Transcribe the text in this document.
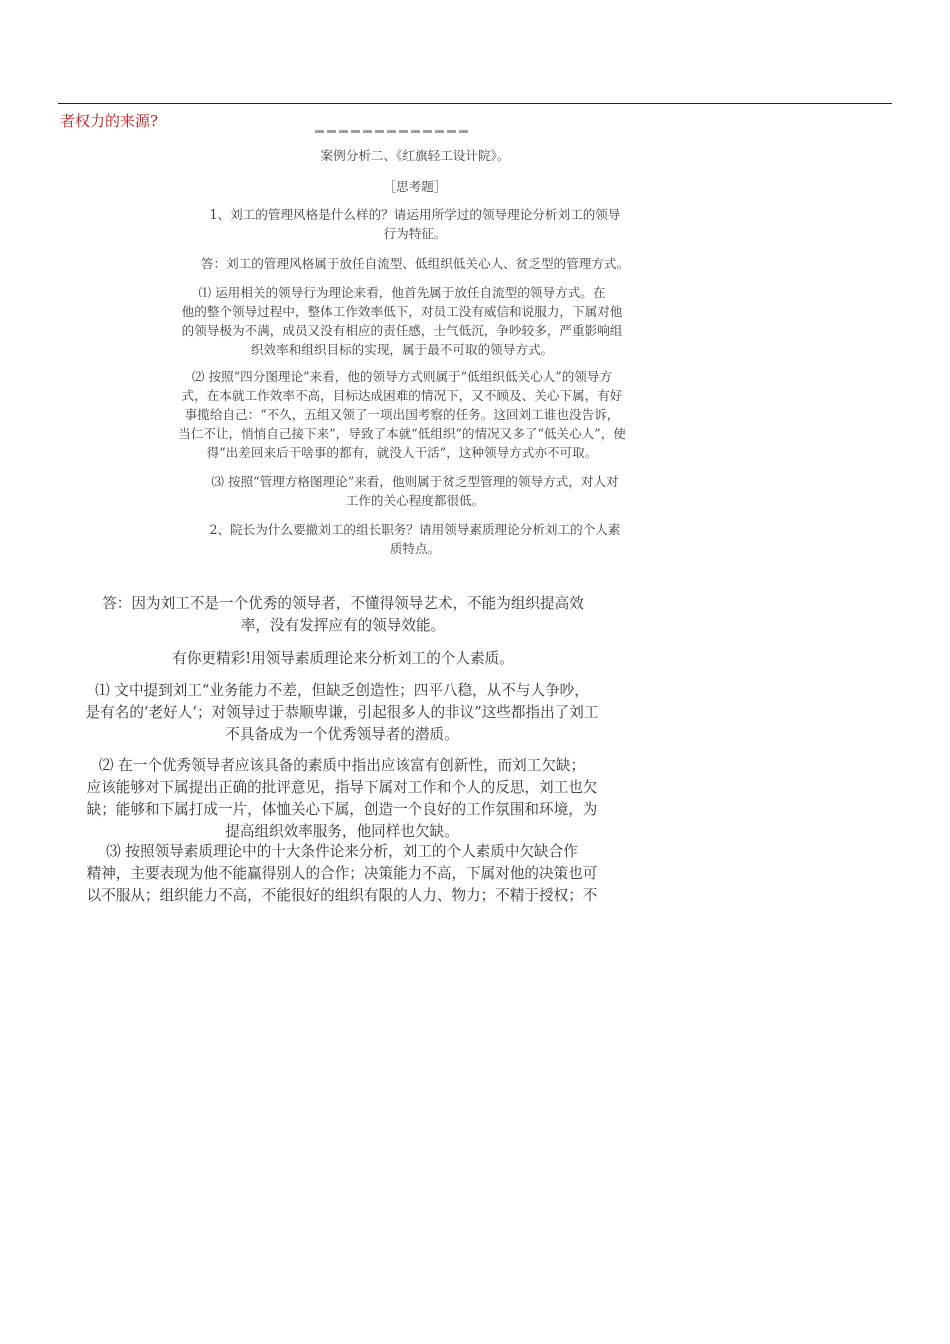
者权力的来源?
案例分析二、《红旗轻工设计院》。
［思考题］
1、刘工的管理风格是什么样的？请运用所学过的领导理论分析刘工的领导
行为特征。
答：刘工的管理风格属于放任自流型、低组织低关心人、贫乏型的管理方式。
⑴ 运用相关的领导行为理论来看，他首先属于放任自流型的领导方式。在
他的整个领导过程中，整体工作效率低下，对员工没有威信和说服力，下属对他
的领导极为不满，成员又没有相应的责任感，士气低沉，争吵较多，严重影响组
织效率和组织目标的实现，属于最不可取的领导方式。
⑵ 按照“四分图理论”来看，他的领导方式则属于“低组织低关心人”的领导方
式，在本就工作效率不高，目标达成困难的情况下，又不顾及、关心下属，有好
事揽给自己：“不久，五组又领了一项出国考察的任务。这回刘工谁也没告诉，
当仁不让，悄悄自己接下来”，导致了本就“低组织”的情况又多了“低关心人”，使
得“出差回来后干啥事的都有，就没人干活”，这种领导方式亦不可取。
⑶ 按照“管理方格图理论”来看，他则属于贫乏型管理的领导方式，对人对
工作的关心程度都很低。
2、院长为什么要撤刘工的组长职务？请用领导素质理论分析刘工的个人素
质特点。
答：因为刘工不是一个优秀的领导者，不懂得领导艺术，不能为组织提高效
率，没有发挥应有的领导效能。
有你更精彩!用领导素质理论来分析刘工的个人素质。
⑴ 文中提到刘工“业务能力不差，但缺乏创造性；四平八稳，从不与人争吵，
是有名的‘老好人’；对领导过于恭顺卑谦，引起很多人的非议”这些都指出了刘工
不具备成为一个优秀领导者的潜质。
⑵ 在一个优秀领导者应该具备的素质中指出应该富有创新性，而刘工欠缺；
应该能够对下属提出正确的批评意见，指导下属对工作和个人的反思，刘工也欠
缺；能够和下属打成一片，体恤关心下属，创造一个良好的工作氛围和环境，为
提高组织效率服务，他同样也欠缺。
⑶ 按照领导素质理论中的十大条件论来分析，刘工的个人素质中欠缺合作
精神，主要表现为他不能赢得别人的合作；决策能力不高，下属对他的决策也可
以不服从；组织能力不高，不能很好的组织有限的人力、物力；不精于授权；不
